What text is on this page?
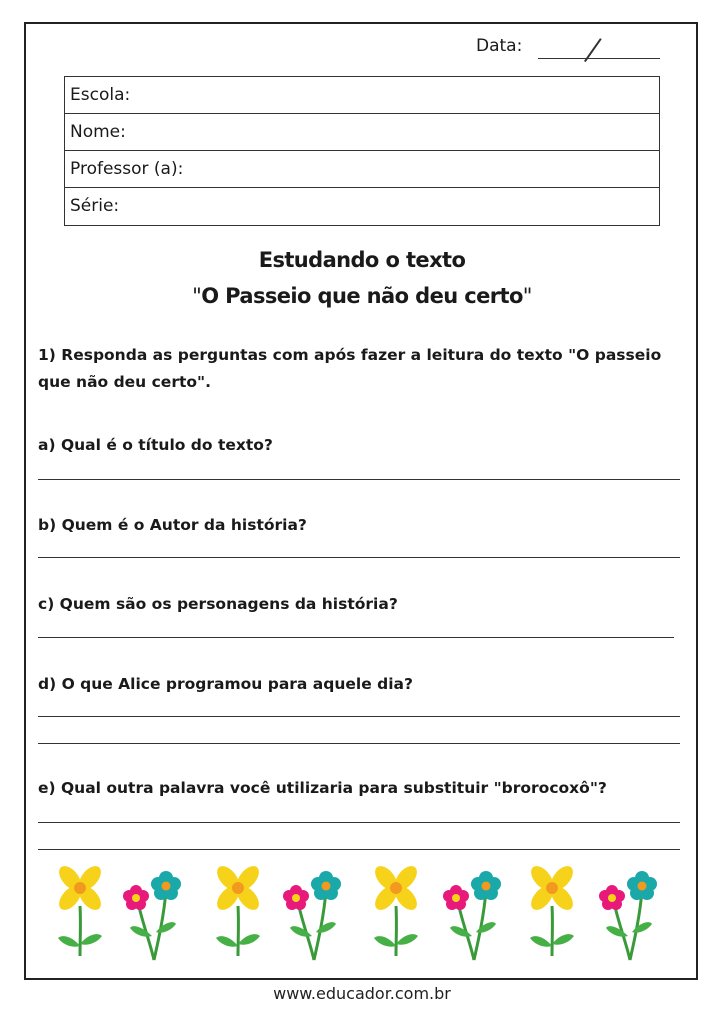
Data:
Escola:
Nome:
Professor (a):
Série:
Estudando o texto
"O Passeio que não deu certo"
1) Responda as perguntas com após fazer a leitura do texto "O passeio que não deu certo".
a) Qual é o título do texto?
b) Quem é o Autor da história?
c) Quem são os personagens da história?
d) O que Alice programou para aquele dia?
e) Qual outra palavra você utilizaria para substituir "brorocoxô"?
www.educador.com.br
